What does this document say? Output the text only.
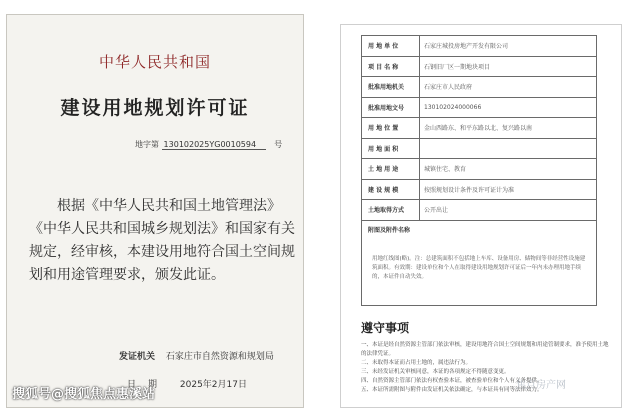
中华人民共和国
建设用地规划许可证
地字第 130102025YG0010594 号

根据《中华人民共和国土地管理法》《中华人民共和国城乡规划法》和国家有关规定，经审核，本建设用地符合国土空间规划和用途管理要求，颁发此证。

发证机关 石家庄市自然资源和规划局
日期 2025年2月17日
用 地 单 位	石家庄城投房地产开发有限公司
项 目 名 称	石钢旧厂区一期地块项目
批准用地机关	石家庄市人民政府
批准用地文号	130102024000066
用 地 位 置	金山西路东、和平东路以北、复兴路以南
用 地 面 积
土 地 用 途	城镇住宅、教育
建 设 规 模	按照规划设计条件及许可证计为准
土地取得方式	公开出让
附图及附件名称
用地红线图(略)。注：总建筑面积不包括地上车库、设备用房、储物间等非经营性设施建筑面积。有效期：建设单位和个人在取得建设用地规划许可证后一年内未办理用地手续的，本证件自动失效。
遵守事项
一、本证是经自然资源主管部门依法审核，建设用地符合国土空间规划和用途管制要求，准予使用土地的法律凭证。
二、未取得本证而占用土地的，属违法行为。
三、未经发证机关审核同意，本证的各项规定不得随意变更。
四、自然资源主管部门依法有权查验本证，被查验单位和个人有义务提供。
五、本证所需附图与附件由发证机关依法确定，与本证具有同等法律效力。
搜狐号@搜狐焦点惠溪站
焦点房产网
